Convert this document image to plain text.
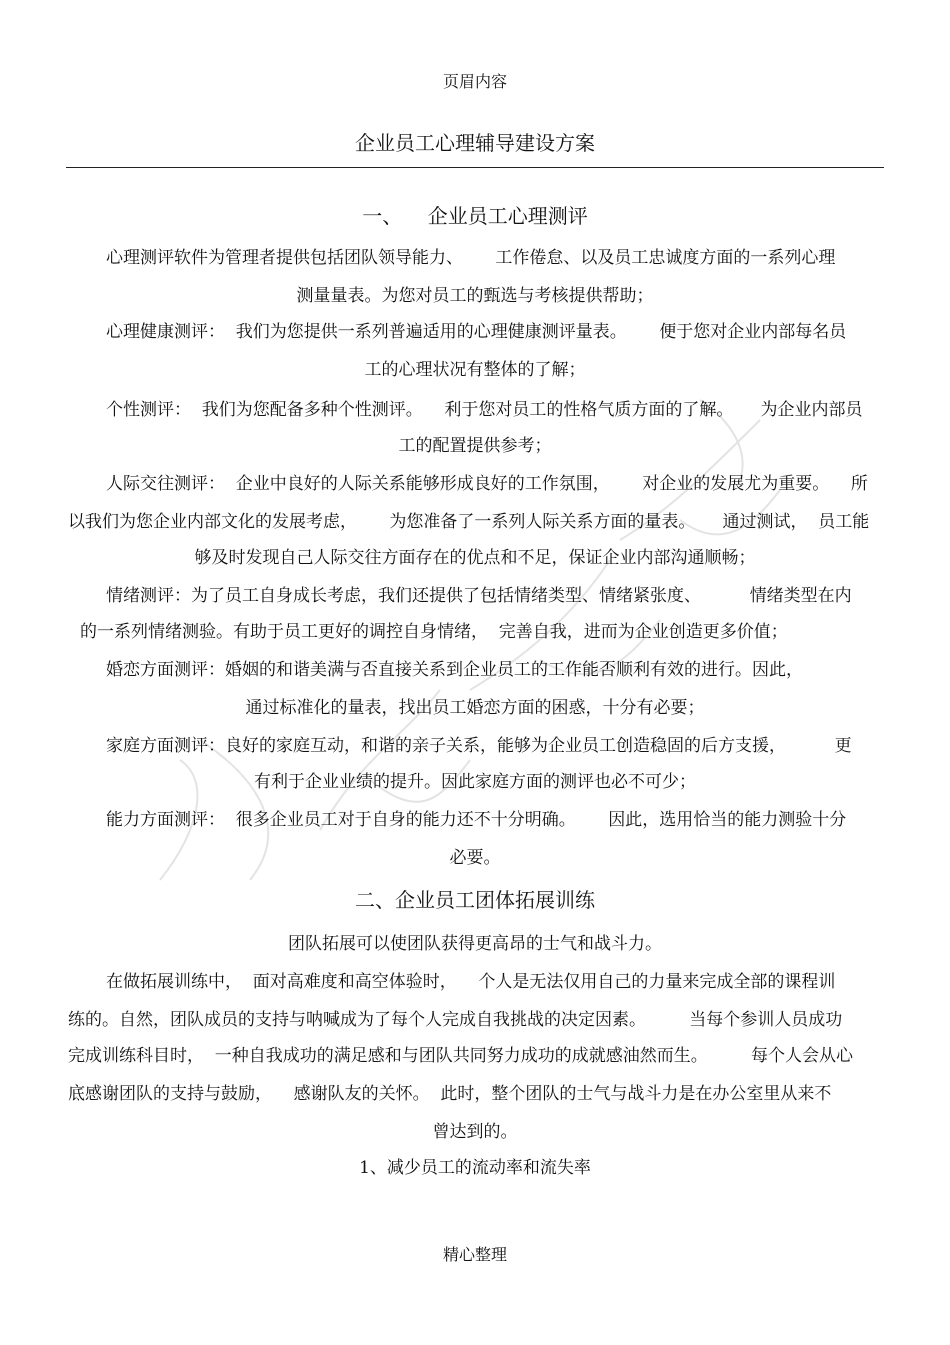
页眉内容
企业员工心理辅导建设方案
一、    企业员工心理测评
心理测评软件为管理者提供包括团队领导能力、      工作倦怠、以及员工忠诚度方面的一系列心理
测量量表。为您对员工的甄选与考核提供帮助；
心理健康测评：  我们为您提供一系列普遍适用的心理健康测评量表。      便于您对企业内部每名员
工的心理状况有整体的了解；
个性测评：  我们为您配备多种个性测评。    利于您对员工的性格气质方面的了解。     为企业内部员
工的配置提供参考；
人际交往测评：  企业中良好的人际关系能够形成良好的工作氛围，      对企业的发展尤为重要。    所
以我们为您企业内部文化的发展考虑，      为您准备了一系列人际关系方面的量表。     通过测试，  员工能
够及时发现自己人际交往方面存在的优点和不足，保证企业内部沟通顺畅；
情绪测评：为了员工自身成长考虑，我们还提供了包括情绪类型、情绪紧张度、         情绪类型在内
的一系列情绪测验。有助于员工更好的调控自身情绪，  完善自我，进而为企业创造更多价值；
婚恋方面测评：婚姻的和谐美满与否直接关系到企业员工的工作能否顺利有效的进行。因此，
通过标准化的量表，找出员工婚恋方面的困惑，十分有必要；
家庭方面测评：良好的家庭互动，和谐的亲子关系，能够为企业员工创造稳固的后方支援，         更
有利于企业业绩的提升。因此家庭方面的测评也必不可少；
能力方面测评：  很多企业员工对于自身的能力还不十分明确。      因此，选用恰当的能力测验十分
必要。
二、企业员工团体拓展训练
团队拓展可以使团队获得更高昂的士气和战斗力。
在做拓展训练中，  面对高难度和高空体验时，    个人是无法仅用自己的力量来完成全部的课程训
练的。自然，团队成员的支持与呐喊成为了每个人完成自我挑战的决定因素。        当每个参训人员成功
完成训练科目时，  一种自我成功的满足感和与团队共同努力成功的成就感油然而生。        每个人会从心
底感谢团队的支持与鼓励，    感谢队友的关怀。  此时，整个团队的士气与战斗力是在办公室里从来不
曾达到的。
1、减少员工的流动率和流失率
精心整理
